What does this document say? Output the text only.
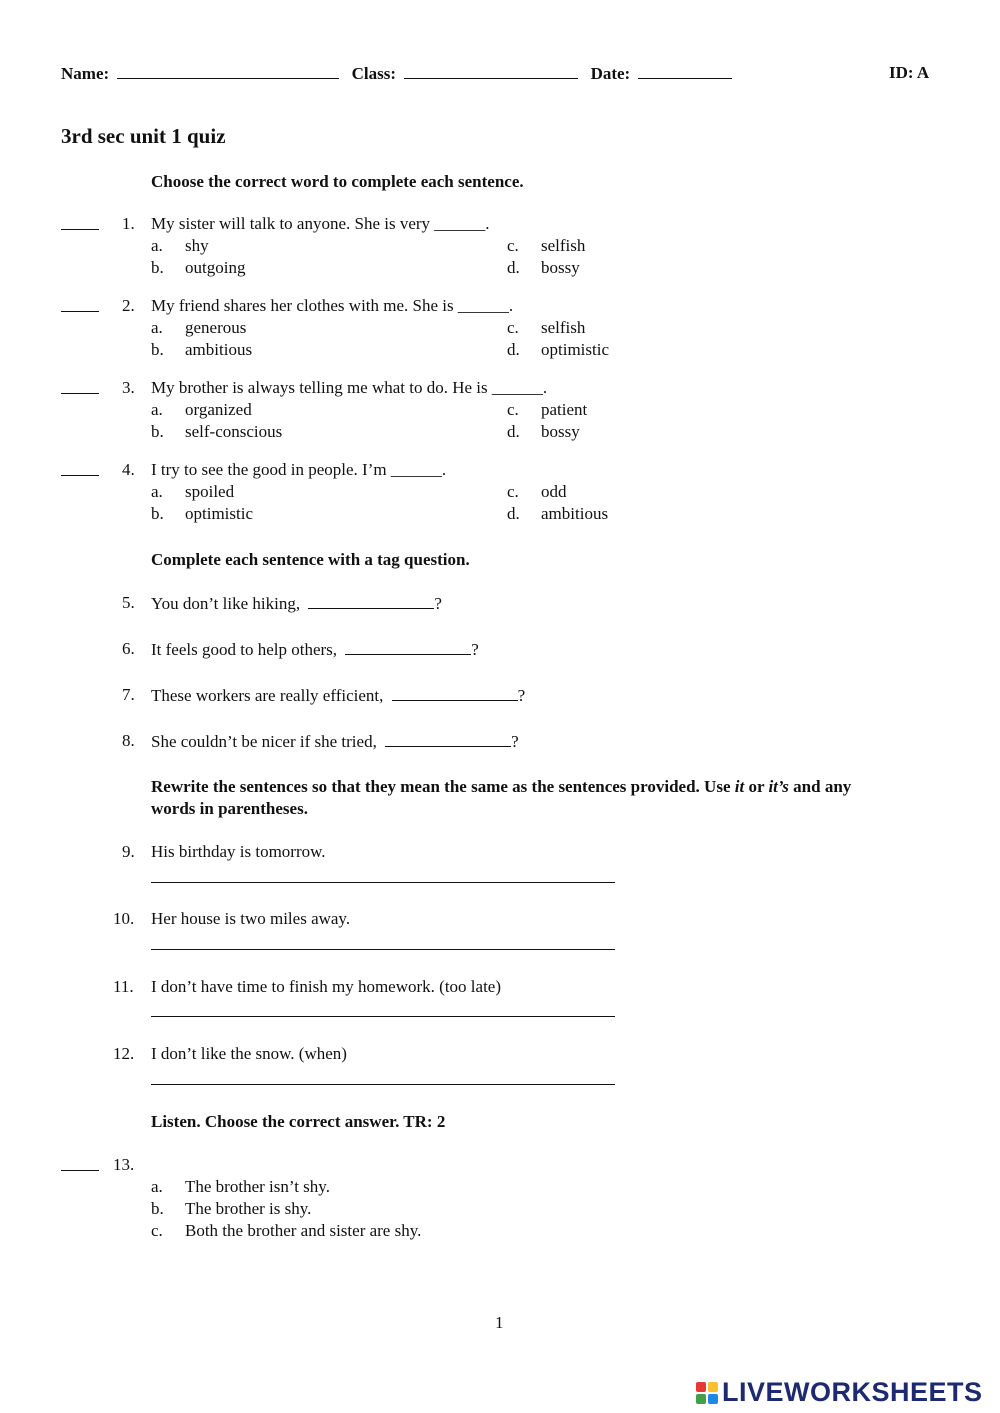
Name:	Class:	Date:	ID: A
3rd sec unit 1 quiz
Choose the correct word to complete each sentence.
1. My sister will talk to anyone. She is very ______.
a. shy
b. outgoing
c. selfish
d. bossy
2. My friend shares her clothes with me. She is ______.
a. generous
b. ambitious
c. selfish
d. optimistic
3. My brother is always telling me what to do. He is ______.
a. organized
b. self-conscious
c. patient
d. bossy
4. I try to see the good in people. I’m ______.
a. spoiled
b. optimistic
c. odd
d. ambitious
Complete each sentence with a tag question.
5. You don’t like hiking,	?
6. It feels good to help others,	?
7. These workers are really efficient,	?
8. She couldn’t be nicer if she tried,	?
Rewrite the sentences so that they mean the same as the sentences provided. Use it or it’s and any
words in parentheses.
9. His birthday is tomorrow.
10. Her house is two miles away.
11. I don’t have time to finish my homework. (too late)
12. I don’t like the snow. (when)
Listen. Choose the correct answer. TR: 2
13.
a. The brother isn’t shy.
b. The brother is shy.
c. Both the brother and sister are shy.
1
LIVEWORKSHEETS
